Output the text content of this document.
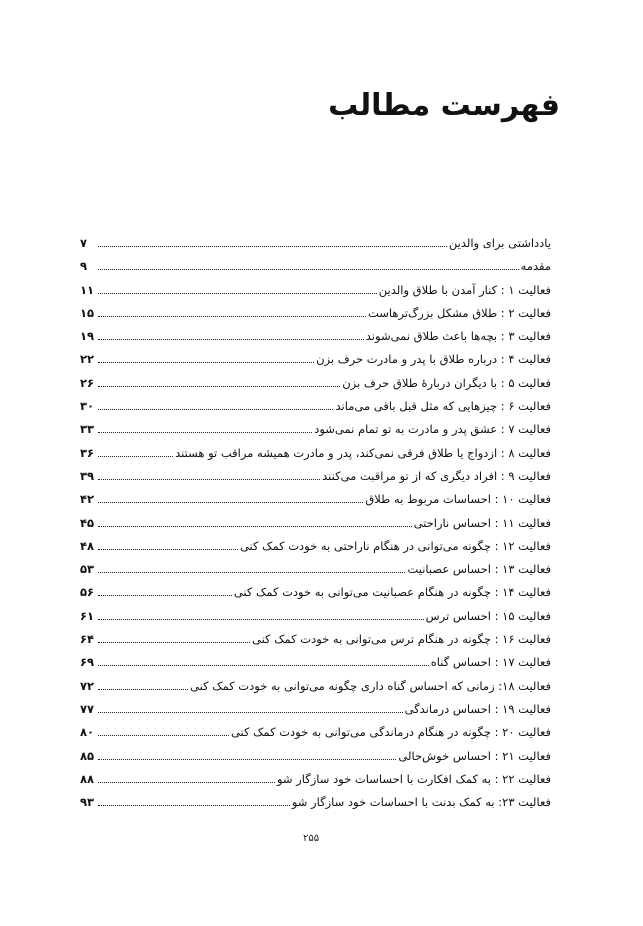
فهرست مطالب
یادداشتی برای والدین
۷
مقدمه
۹
فعالیت ۱ : کنار آمدن با طلاق والدین
۱۱
فعالیت ۲ : طلاق مشکل بزرگ‌ترهاست
۱۵
فعالیت ۳ : بچه‌ها باعث طلاق نمی‌شوند
۱۹
فعالیت ۴ : درباره طلاق با پدر و مادرت حرف بزن
۲۲
فعالیت ۵ : با دیگران دربارهٔ طلاق حرف بزن
۲۶
فعالیت ۶ : چیزهایی که مثل قبل باقی می‌ماند
۳۰
فعالیت ۷ : عشق پدر و مادرت به تو تمام نمی‌شود
۳۳
فعالیت ۸ : ازدواج یا طلاق فرقی نمی‌کند، پدر و مادرت همیشه مراقب تو هستند
۳۶
فعالیت ۹ : افراد دیگری که از تو مراقبت می‌کنند
۳۹
فعالیت ۱۰ : احساسات مربوط به طلاق
۴۲
فعالیت ۱۱ : احساس ناراحتی
۴۵
فعالیت ۱۲ : چگونه می‌توانی در هنگام ناراحتی به خودت کمک کنی
۴۸
فعالیت ۱۳ : احساس عصبانیت
۵۳
فعالیت ۱۴ : چگونه در هنگام عصبانیت می‌توانی به خودت کمک کنی
۵۶
فعالیت ۱۵ : احساس ترس
۶۱
فعالیت ۱۶ : چگونه در هنگام ترس می‌توانی به خودت کمک کنی
۶۴
فعالیت ۱۷ : احساس گناه
۶۹
فعالیت ۱۸: زمانی که احساس گناه داری چگونه می‌توانی به خودت کمک کنی
۷۲
فعالیت ۱۹ : احساس درماندگی
۷۷
فعالیت ۲۰ : چگونه در هنگام درماندگی می‌توانی به خودت کمک کنی
۸۰
فعالیت ۲۱ : احساس خوش‌حالی
۸۵
فعالیت ۲۲ : به کمک افکارت با احساسات خود سازگار شو
۸۸
فعالیت ۲۳: به کمک بدنت با احساسات خود سازگار شو
۹۳
۲۵۵
